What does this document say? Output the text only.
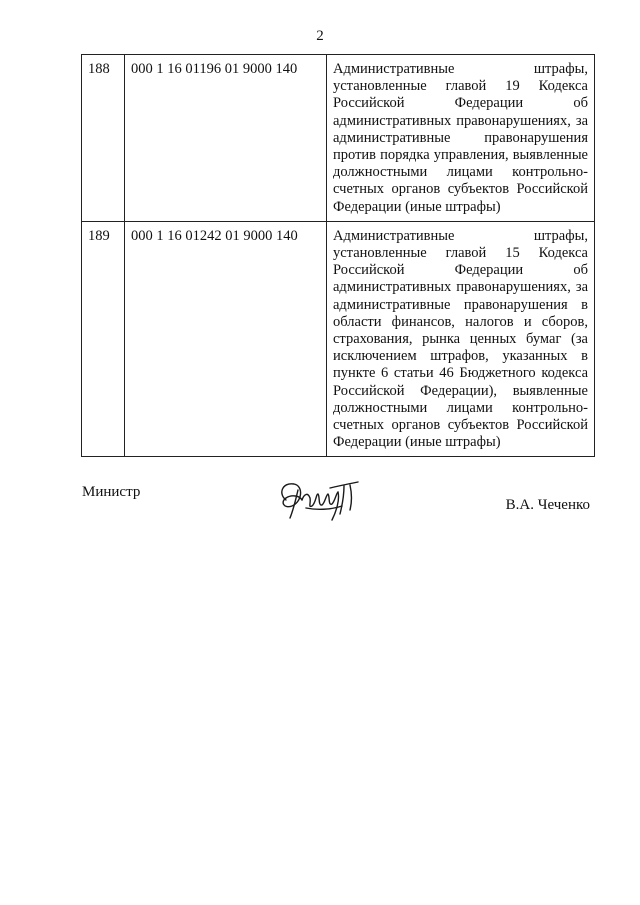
2
188	000 1 16 01196 01 9000 140	Административные штрафы, установленные главой 19 Кодекса Российской Федерации об административных правонарушениях, за административные правонарушения против порядка управления, выявленные должностными лицами контрольно-счетных органов субъектов Российской Федерации (иные штрафы)
189	000 1 16 01242 01 9000 140	Административные штрафы, установленные главой 15 Кодекса Российской Федерации об административных правонарушениях, за административные правонарушения в области финансов, налогов и сборов, страхования, рынка ценных бумаг (за исключением штрафов, указанных в пункте 6 статьи 46 Бюджетного кодекса Российской Федерации), выявленные должностными лицами контрольно-счетных органов субъектов Российской Федерации (иные штрафы)
Министр
В.А. Чеченко
